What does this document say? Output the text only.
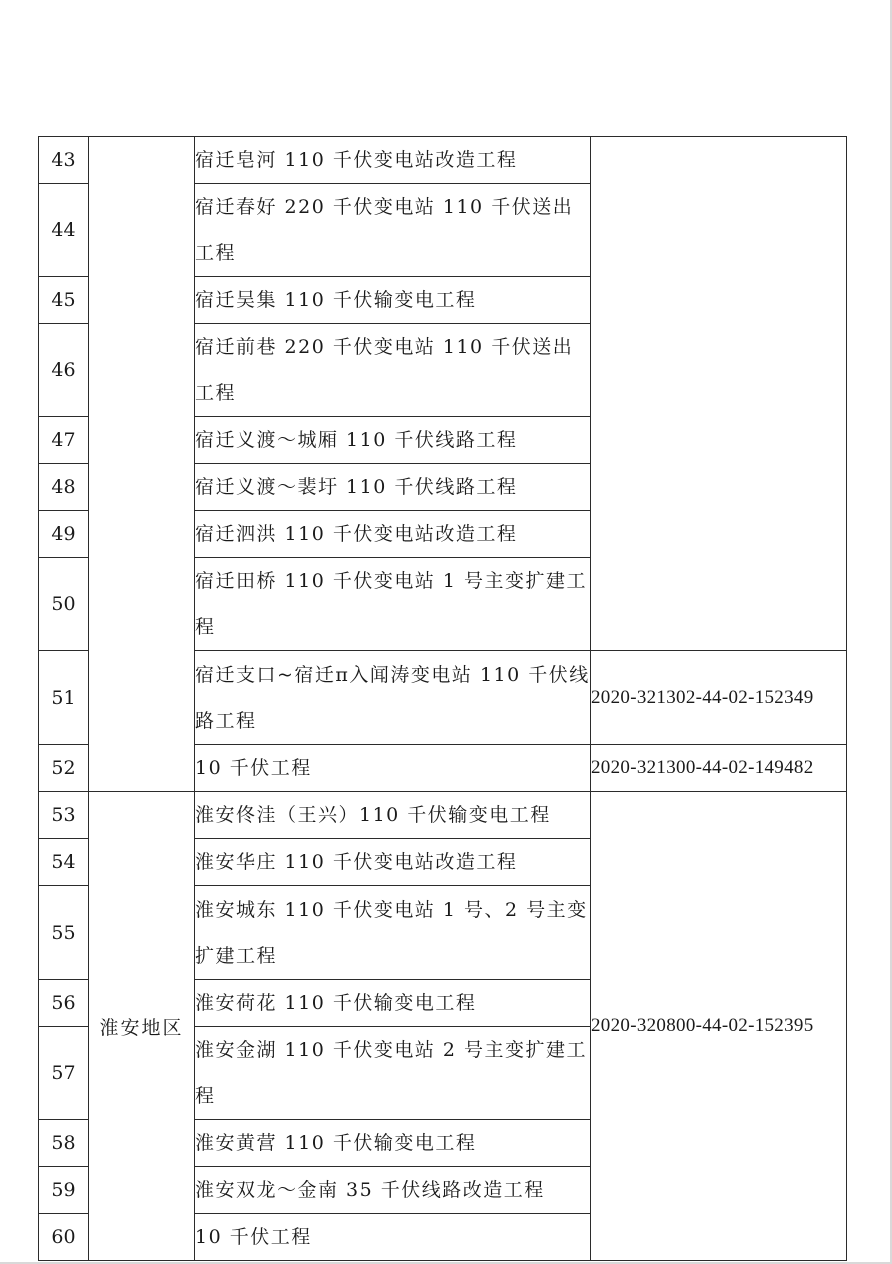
43		宿迁皂河 110 千伏变电站改造工程	
44		宿迁春好 220 千伏变电站 110 千伏送出工程	
45		宿迁吴集 110 千伏输变电工程	
46		宿迁前巷 220 千伏变电站 110 千伏送出工程	
47		宿迁义渡～城厢 110 千伏线路工程	
48		宿迁义渡～裴圩 110 千伏线路工程	
49		宿迁泗洪 110 千伏变电站改造工程	
50		宿迁田桥 110 千伏变电站 1 号主变扩建工程	
51		宿迁支口~宿迁π入闻涛变电站 110 千伏线路工程	2020-321302-44-02-152349
52		10 千伏工程	2020-321300-44-02-149482
53	淮安地区	淮安佟洼（王兴）110 千伏输变电工程	2020-320800-44-02-152395
54		淮安华庄 110 千伏变电站改造工程	
55		淮安城东 110 千伏变电站 1 号、2 号主变扩建工程	
56		淮安荷花 110 千伏输变电工程	
57		淮安金湖 110 千伏变电站 2 号主变扩建工程	
58		淮安黄营 110 千伏输变电工程	
59		淮安双龙～金南 35 千伏线路改造工程	
60		10 千伏工程	
